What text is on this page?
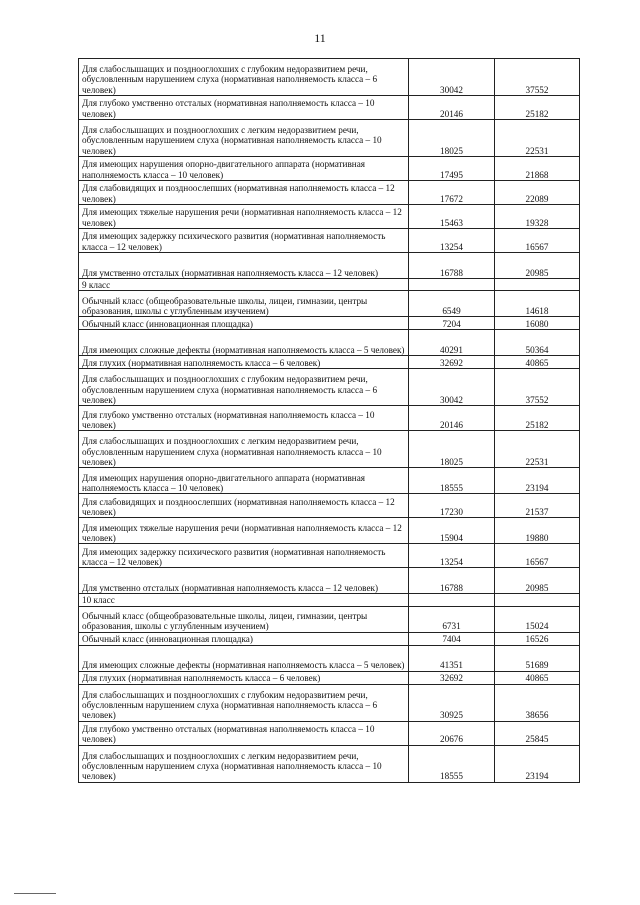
11
Для слабослышащих и позднооглохших с глубоким недоразвитием речи, обусловленным нарушением слуха (нормативная наполняемость класса – 6 человек)	30042	37552
Для глубоко умственно отсталых (нормативная наполняемость класса – 10 человек)	20146	25182
Для слабослышащих и позднооглохших с легким недоразвитием речи, обусловленным нарушением слуха (нормативная наполняемость класса – 10 человек)	18025	22531
Для имеющих нарушения опорно-двигательного аппарата (нормативная наполняемость класса – 10 человек)	17495	21868
Для слабовидящих и поздноослепших (нормативная наполняемость класса – 12 человек)	17672	22089
Для имеющих тяжелые нарушения речи (нормативная наполняемость класса – 12 человек)	15463	19328
Для имеющих задержку психического развития (нормативная наполняемость класса – 12 человек)	13254	16567
Для умственно отсталых (нормативная наполняемость класса – 12 человек)	16788	20985
9 класс		
Обычный класс (общеобразовательные школы, лицеи, гимназии, центры образования, школы с углубленным изучением)	6549	14618
Обычный класс (инновационная площадка)	7204	16080
Для имеющих сложные дефекты (нормативная наполняемость класса – 5 человек)	40291	50364
Для глухих (нормативная наполняемость класса – 6 человек)	32692	40865
Для слабослышащих и позднооглохших с глубоким недоразвитием речи, обусловленным нарушением слуха (нормативная наполняемость класса – 6 человек)	30042	37552
Для глубоко умственно отсталых (нормативная наполняемость класса – 10 человек)	20146	25182
Для слабослышащих и позднооглохших с легким недоразвитием речи, обусловленным нарушением слуха (нормативная наполняемость класса – 10 человек)	18025	22531
Для имеющих нарушения опорно-двигательного аппарата (нормативная наполняемость класса – 10 человек)	18555	23194
Для слабовидящих и поздноослепших (нормативная наполняемость класса – 12 человек)	17230	21537
Для имеющих тяжелые нарушения речи (нормативная наполняемость класса – 12 человек)	15904	19880
Для имеющих задержку психического развития (нормативная наполняемость класса – 12 человек)	13254	16567
Для умственно отсталых (нормативная наполняемость класса – 12 человек)	16788	20985
10 класс		
Обычный класс (общеобразовательные школы, лицеи, гимназии, центры образования, школы с углубленным изучением)	6731	15024
Обычный класс (инновационная площадка)	7404	16526
Для имеющих сложные дефекты (нормативная наполняемость класса – 5 человек)	41351	51689
Для глухих (нормативная наполняемость класса – 6 человек)	32692	40865
Для слабослышащих и позднооглохших с глубоким недоразвитием речи, обусловленным нарушением слуха (нормативная наполняемость класса – 6 человек)	30925	38656
Для глубоко умственно отсталых (нормативная наполняемость класса – 10 человек)	20676	25845
Для слабослышащих и позднооглохших с легким недоразвитием речи, обусловленным нарушением слуха (нормативная наполняемость класса – 10 человек)	18555	23194
